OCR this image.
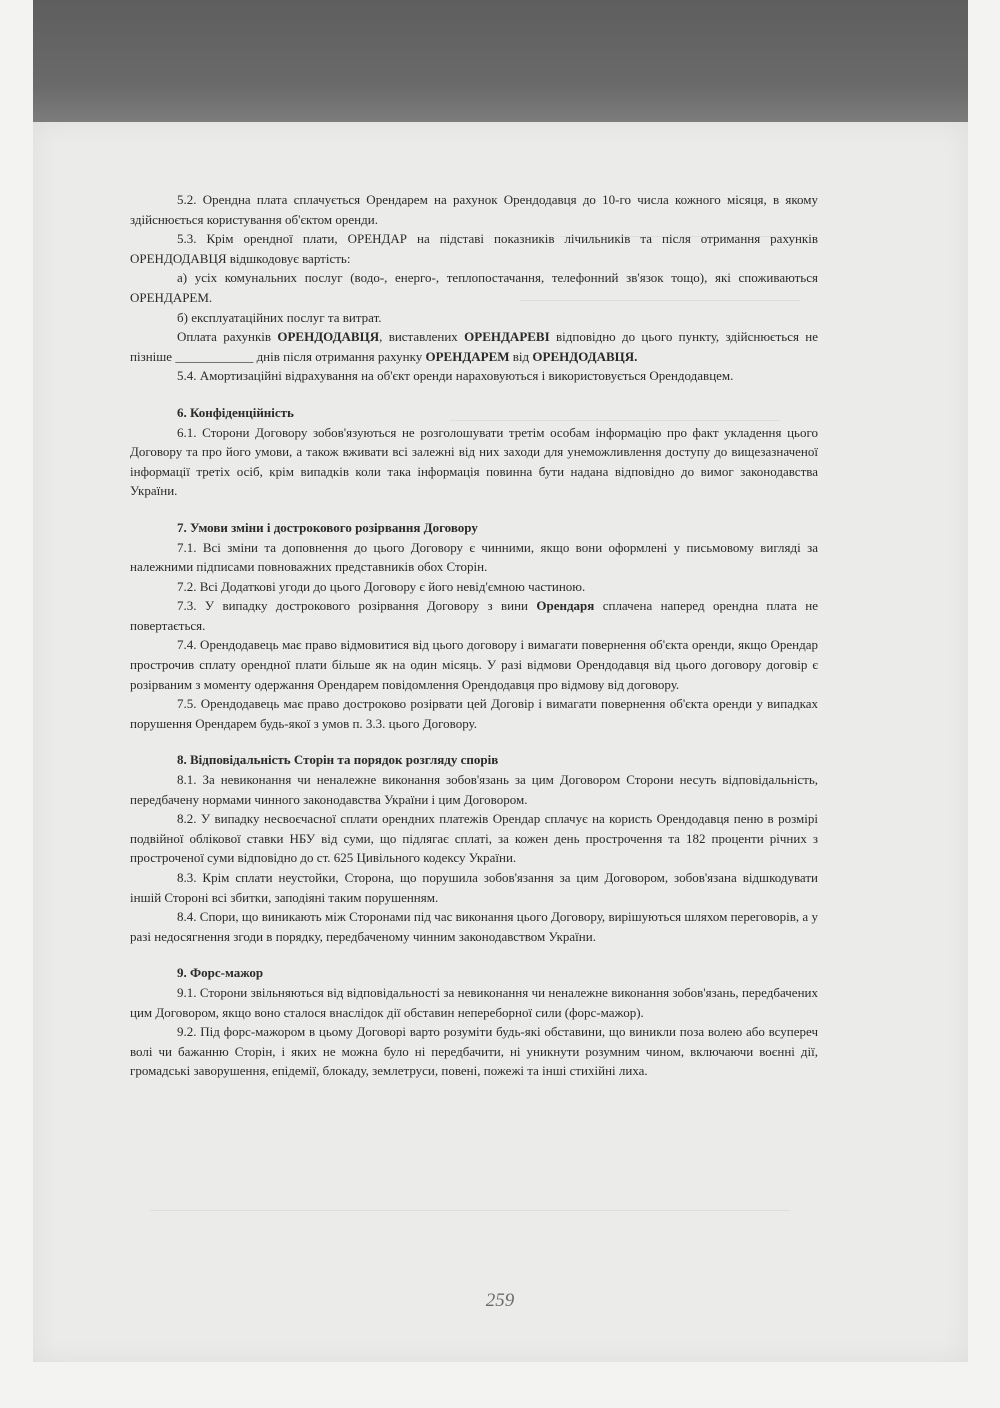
5.2. Орендна плата сплачується Орендарем на рахунок Орендодавця до 10-го числа кожного місяця, в якому здійснюється користування об'єктом оренди.

5.3. Крім орендної плати, ОРЕНДАР на підставі показників лічильників та після отримання рахунків ОРЕНДОДАВЦЯ відшкодовує вартість:

а) усіх комунальних послуг (водо-, енерго-, теплопостачання, телефонний зв'язок тощо), які споживаються ОРЕНДАРЕМ.

б) експлуатаційних послуг та витрат.

Оплата рахунків ОРЕНДОДАВЦЯ, виставлених ОРЕНДАРЕВІ відповідно до цього пункту, здійснюється не пізніше ____________ днів після отримання рахунку ОРЕНДАРЕМ від ОРЕНДОДАВЦЯ.

5.4. Амортизаційні відрахування на об'єкт оренди нараховуються і використовується Орендодавцем.

6. Конфіденційність

6.1. Сторони Договору зобов'язуються не розголошувати третім особам інформацію про факт укладення цього Договору та про його умови, а також вживати всі залежні від них заходи для унеможливлення доступу до вищезазначеної інформації третіх осіб, крім випадків коли така інформація повинна бути надана відповідно до вимог законодавства України.

7. Умови зміни і дострокового розірвання Договору

7.1. Всі зміни та доповнення до цього Договору є чинними, якщо вони оформлені у письмовому вигляді за належними підписами повноважних представників обох Сторін.

7.2. Всі Додаткові угоди до цього Договору є його невід'ємною частиною.

7.3. У випадку дострокового розірвання Договору з вини Орендаря сплачена наперед орендна плата не повертається.

7.4. Орендодавець має право відмовитися від цього договору і вимагати повернення об'єкта оренди, якщо Орендар прострочив сплату орендної плати більше як на один місяць. У разі відмови Орендодавця від цього договору договір є розірваним з моменту одержання Орендарем повідомлення Орендодавця про відмову від договору.

7.5. Орендодавець має право достроково розірвати цей Договір і вимагати повернення об'єкта оренди у випадках порушення Орендарем будь-якої з умов п. 3.3. цього Договору.

8. Відповідальність Сторін та порядок розгляду спорів

8.1. За невиконання чи неналежне виконання зобов'язань за цим Договором Сторони несуть відповідальність, передбачену нормами чинного законодавства України і цим Договором.

8.2. У випадку несвоєчасної сплати орендних платежів Орендар сплачує на користь Орендодавця пеню в розмірі подвійної облікової ставки НБУ від суми, що підлягає сплаті, за кожен день прострочення та 182 проценти річних з простроченої суми відповідно до ст. 625 Цивільного кодексу України.

8.3. Крім сплати неустойки, Сторона, що порушила зобов'язання за цим Договором, зобов'язана відшкодувати іншій Стороні всі збитки, заподіяні таким порушенням.

8.4. Спори, що виникають між Сторонами під час виконання цього Договору, вирішуються шляхом переговорів, а у разі недосягнення згоди в порядку, передбаченому чинним законодавством України.

9. Форс-мажор

9.1. Сторони звільняються від відповідальності за невиконання чи неналежне виконання зобов'язань, передбачених цим Договором, якщо воно сталося внаслідок дії обставин непереборної сили (форс-мажор).

9.2. Під форс-мажором в цьому Договорі варто розуміти будь-які обставини, що виникли поза волею або всупереч волі чи бажанню Сторін, і яких не можна було ні передбачити, ні уникнути розумним чином, включаючи воєнні дії, громадські заворушення, епідемії, блокаду, землетруси, повені, пожежі та інші стихійні лиха.

259
